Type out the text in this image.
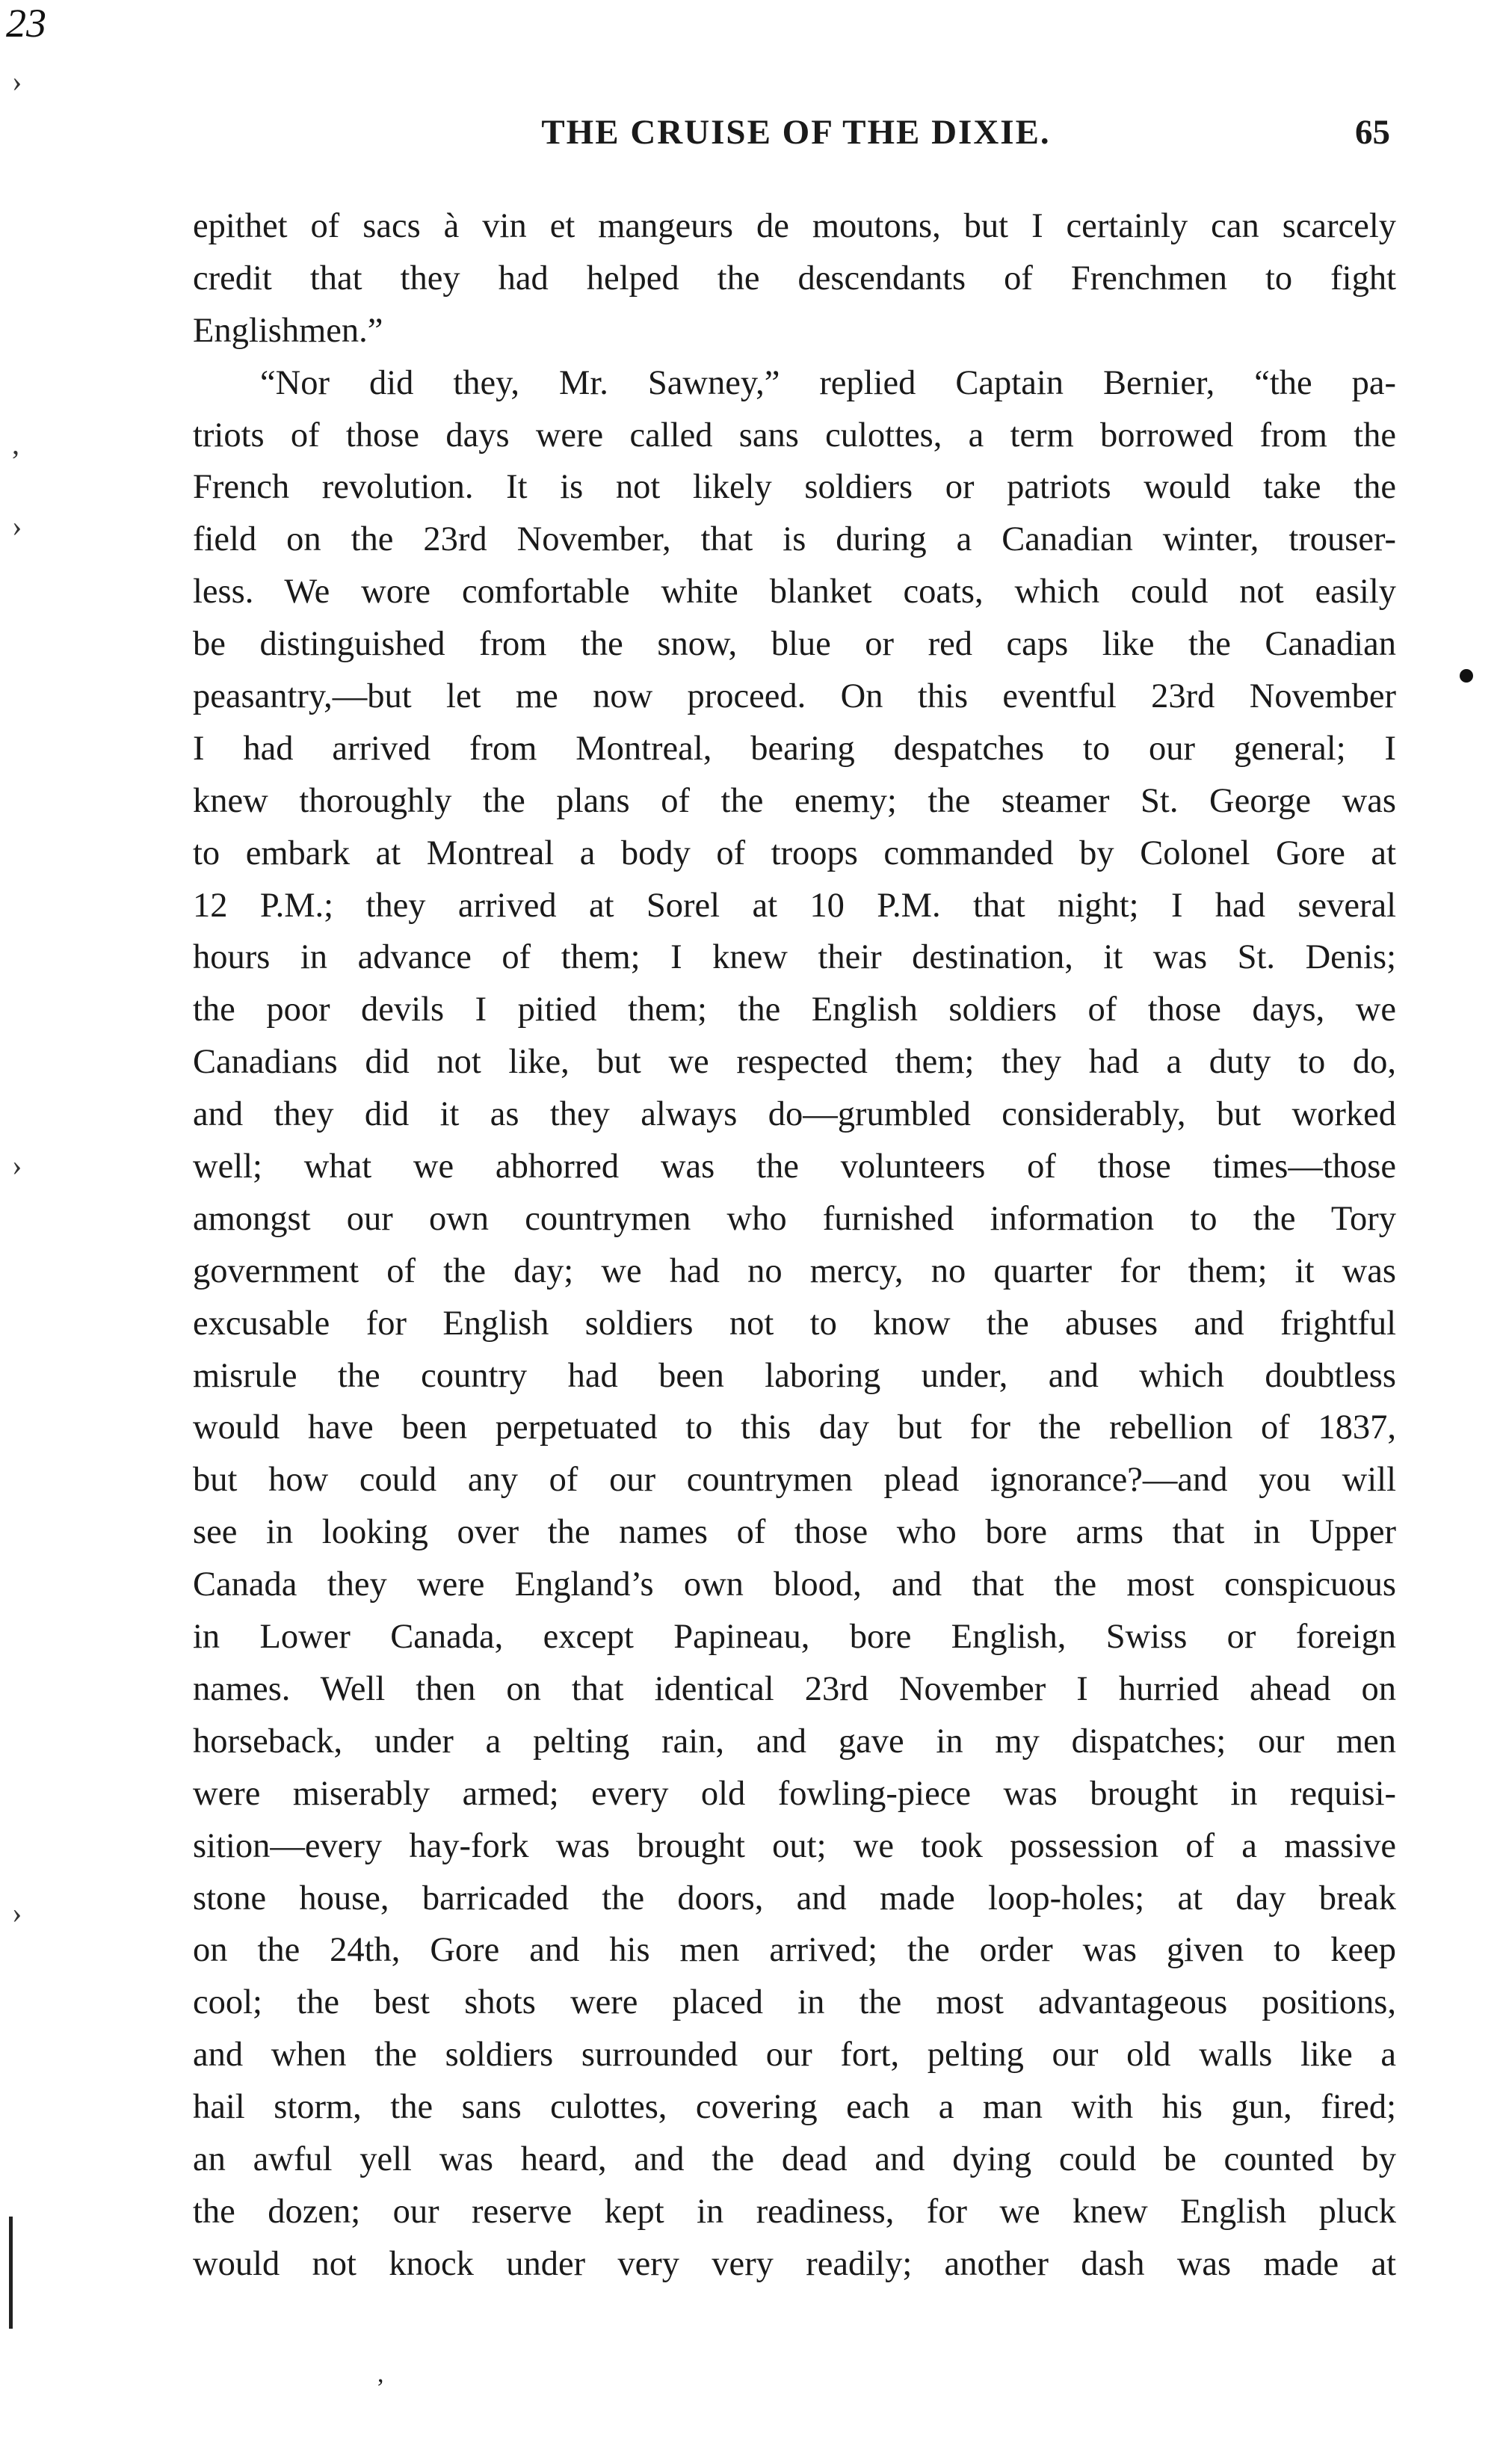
23
›
,
›
›
›
THE CRUISE OF THE DIXIE.	65
epithet of sacs à vin et mangeurs de moutons, but I certainly can scarcely
credit that they had helped the descendants of Frenchmen to fight
Englishmen.”
“Nor did they, Mr. Sawney,” replied Captain Bernier, “the pa-
triots of those days were called sans culottes, a term borrowed from the
French revolution. It is not likely soldiers or patriots would take the
field on the 23rd November, that is during a Canadian winter, trouser-
less. We wore comfortable white blanket coats, which could not easily
be distinguished from the snow, blue or red caps like the Canadian
peasantry,—but let me now proceed. On this eventful 23rd November
I had arrived from Montreal, bearing despatches to our general; I
knew thoroughly the plans of the enemy; the steamer St. George was
to embark at Montreal a body of troops commanded by Colonel Gore at
12 P.M.; they arrived at Sorel at 10 P.M. that night; I had several
hours in advance of them; I knew their destination, it was St. Denis;
the poor devils I pitied them; the English soldiers of those days, we
Canadians did not like, but we respected them; they had a duty to do,
and they did it as they always do—grumbled considerably, but worked
well; what we abhorred was the volunteers of those times—those
amongst our own countrymen who furnished information to the Tory
government of the day; we had no mercy, no quarter for them; it was
excusable for English soldiers not to know the abuses and frightful
misrule the country had been laboring under, and which doubtless
would have been perpetuated to this day but for the rebellion of 1837,
but how could any of our countrymen plead ignorance?—and you will
see in looking over the names of those who bore arms that in Upper
Canada they were England’s own blood, and that the most conspicuous
in Lower Canada, except Papineau, bore English, Swiss or foreign
names. Well then on that identical 23rd November I hurried ahead on
horseback, under a pelting rain, and gave in my dispatches; our men
were miserably armed; every old fowling-piece was brought in requisi-
sition—every hay-fork was brought out; we took possession of a massive
stone house, barricaded the doors, and made loop-holes; at day break
on the 24th, Gore and his men arrived; the order was given to keep
cool; the best shots were placed in the most advantageous positions,
and when the soldiers surrounded our fort, pelting our old walls like a
hail storm, the sans culottes, covering each a man with his gun, fired;
an awful yell was heard, and the dead and dying could be counted by
the dozen; our reserve kept in readiness, for we knew English pluck
would not knock under very very readily; another dash was made at
,
